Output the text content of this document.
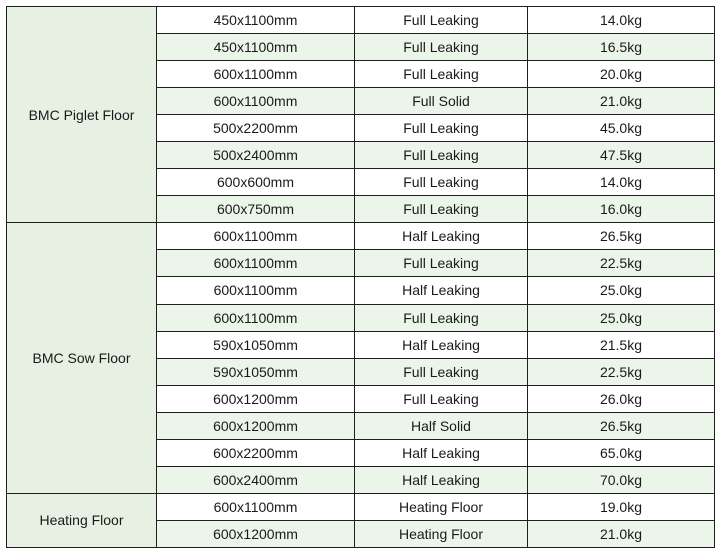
BMC Piglet Floor	450x1100mm	Full Leaking	14.0kg
	450x1100mm	Full Leaking	16.5kg
	600x1100mm	Full Leaking	20.0kg
	600x1100mm	Full Solid	21.0kg
	500x2200mm	Full Leaking	45.0kg
	500x2400mm	Full Leaking	47.5kg
	600x600mm	Full Leaking	14.0kg
	600x750mm	Full Leaking	16.0kg
BMC Sow Floor	600x1100mm	Half Leaking	26.5kg
	600x1100mm	Full Leaking	22.5kg
	600x1100mm	Half Leaking	25.0kg
	600x1100mm	Full Leaking	25.0kg
	590x1050mm	Half Leaking	21.5kg
	590x1050mm	Full Leaking	22.5kg
	600x1200mm	Full Leaking	26.0kg
	600x1200mm	Half Solid	26.5kg
	600x2200mm	Half Leaking	65.0kg
	600x2400mm	Half Leaking	70.0kg
Heating Floor	600x1100mm	Heating Floor	19.0kg
	600x1200mm	Heating Floor	21.0kg
